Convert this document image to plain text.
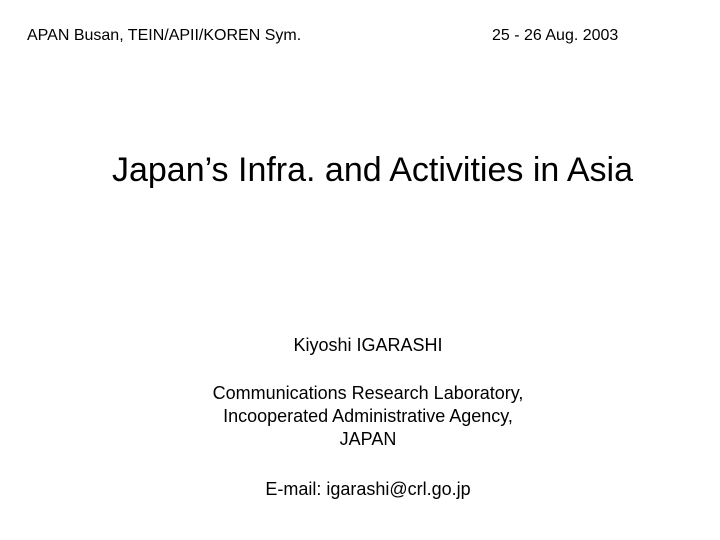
APAN Busan, TEIN/APII/KOREN Sym.	25 - 26 Aug. 2003
Japan’s Infra. and Activities in Asia
Kiyoshi IGARASHI
Communications Research Laboratory,
Incooperated Administrative Agency,
JAPAN
E-mail: igarashi@crl.go.jp
